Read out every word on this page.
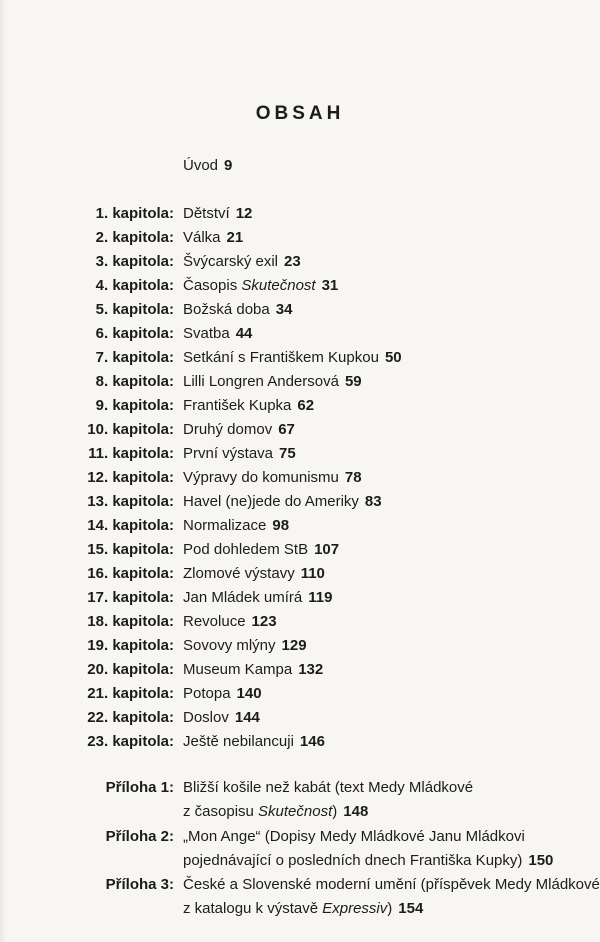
OBSAH
Úvod 9
1. kapitola: Dětství 12
2. kapitola: Válka 21
3. kapitola: Švýcarský exil 23
4. kapitola: Časopis Skutečnost 31
5. kapitola: Božská doba 34
6. kapitola: Svatba 44
7. kapitola: Setkání s Františkem Kupkou 50
8. kapitola: Lilli Longren Andersová 59
9. kapitola: František Kupka 62
10. kapitola: Druhý domov 67
11. kapitola: První výstava 75
12. kapitola: Výpravy do komunismu 78
13. kapitola: Havel (ne)jede do Ameriky 83
14. kapitola: Normalizace 98
15. kapitola: Pod dohledem StB 107
16. kapitola: Zlomové výstavy 110
17. kapitola: Jan Mládek umírá 119
18. kapitola: Revoluce 123
19. kapitola: Sovovy mlýny 129
20. kapitola: Museum Kampa 132
21. kapitola: Potopa 140
22. kapitola: Doslov 144
23. kapitola: Ještě nebilancuji 146
Příloha 1: Bližší košile než kabát (text Medy Mládkové
z časopisu Skutečnost) 148
Příloha 2: „Mon Ange“ (Dopisy Medy Mládkové Janu Mládkovi
pojednávající o posledních dnech Františka Kupky) 150
Příloha 3: České a Slovenské moderní umění (příspěvek Medy Mládkové
z katalogu k výstavě Expressiv) 154
